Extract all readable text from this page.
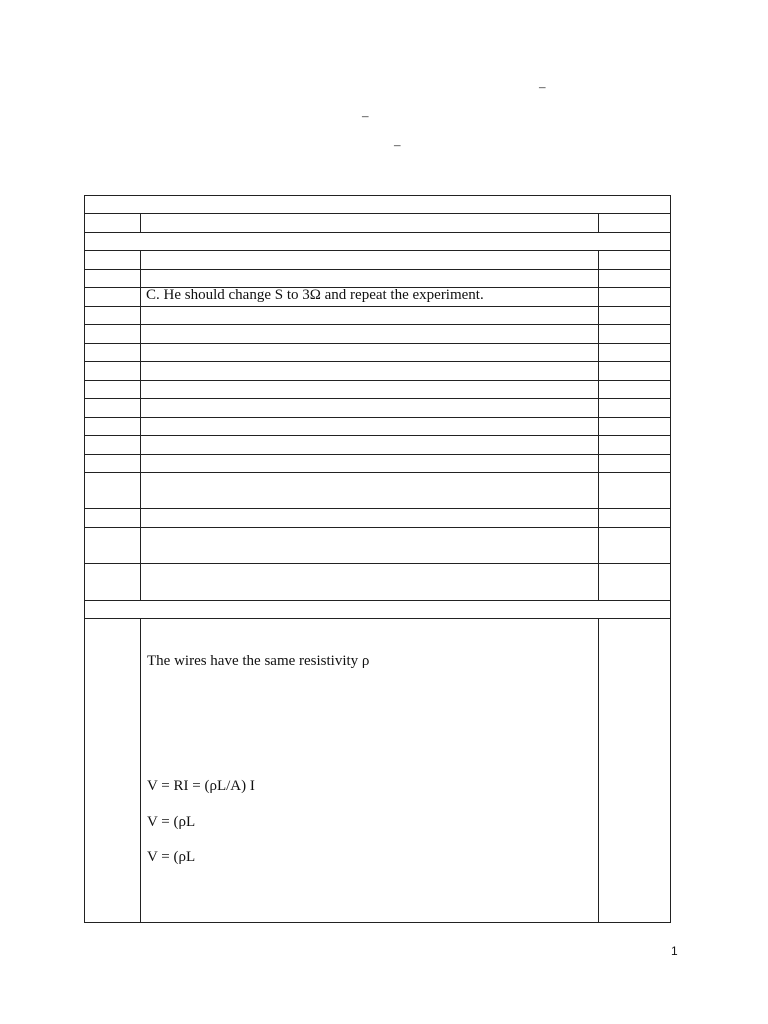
–
–
–
C. He should change S to 3Ω and repeat the experiment.
The wires have the same resistivity ρ
V = RI = (ρL/A) I
V = (ρL
V = (ρL
1
